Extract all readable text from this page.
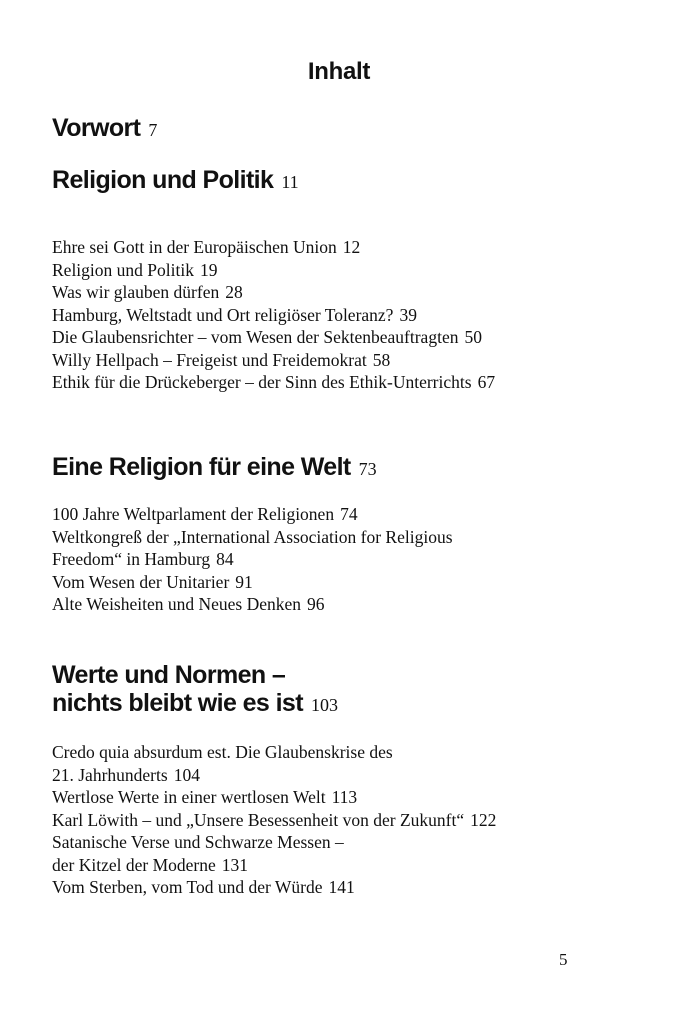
Inhalt
Vorwort 7
Religion und Politik 11
Ehre sei Gott in der Europäischen Union 12
Religion und Politik 19
Was wir glauben dürfen 28
Hamburg, Weltstadt und Ort religiöser Toleranz? 39
Die Glaubensrichter – vom Wesen der Sektenbeauftragten 50
Willy Hellpach – Freigeist und Freidemokrat 58
Ethik für die Drückeberger – der Sinn des Ethik-Unterrichts 67
Eine Religion für eine Welt 73
100 Jahre Weltparlament der Religionen 74
Weltkongreß der „International Association for Religious
Freedom“ in Hamburg 84
Vom Wesen der Unitarier 91
Alte Weisheiten und Neues Denken 96
Werte und Normen –
nichts bleibt wie es ist 103
Credo quia absurdum est. Die Glaubenskrise des
21. Jahrhunderts 104
Wertlose Werte in einer wertlosen Welt 113
Karl Löwith – und „Unsere Besessenheit von der Zukunft“ 122
Satanische Verse und Schwarze Messen –
der Kitzel der Moderne 131
Vom Sterben, vom Tod und der Würde 141
5
